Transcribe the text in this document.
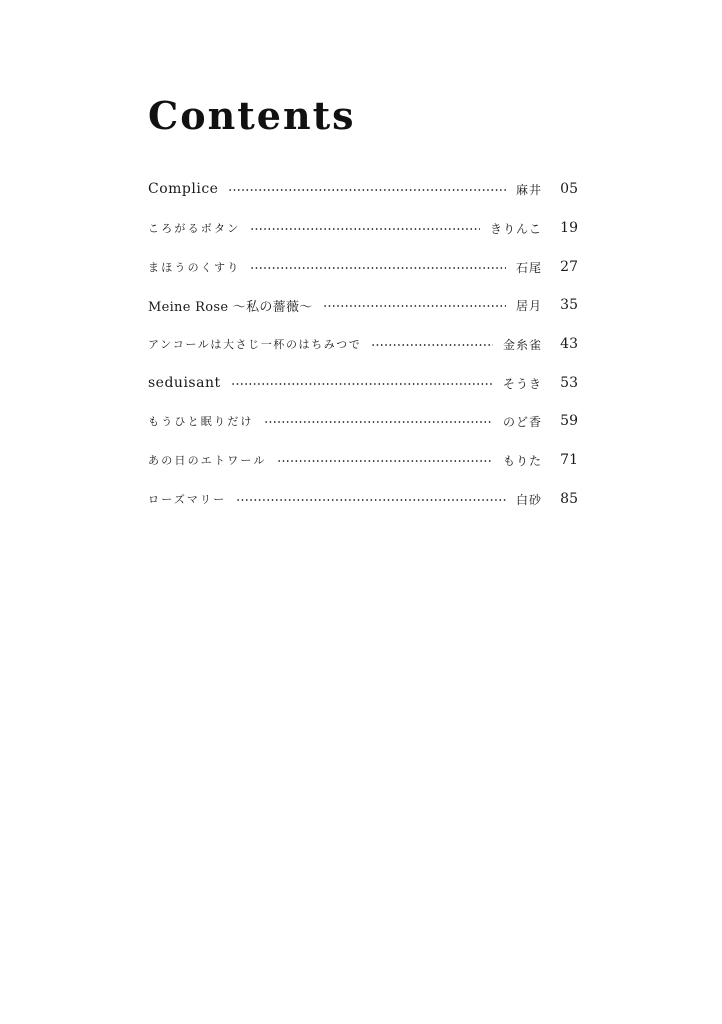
Contents
Complice	麻井	05
ころがるボタン	きりんこ	19
まほうのくすり	石尾	27
Meine Rose 〜私の薔薇〜	居月	35
アンコールは大さじ一杯のはちみつで	金糸雀	43
seduisant	そうき	53
もうひと眠りだけ	のど香	59
あの日のエトワール	もりた	71
ローズマリー	白砂	85
